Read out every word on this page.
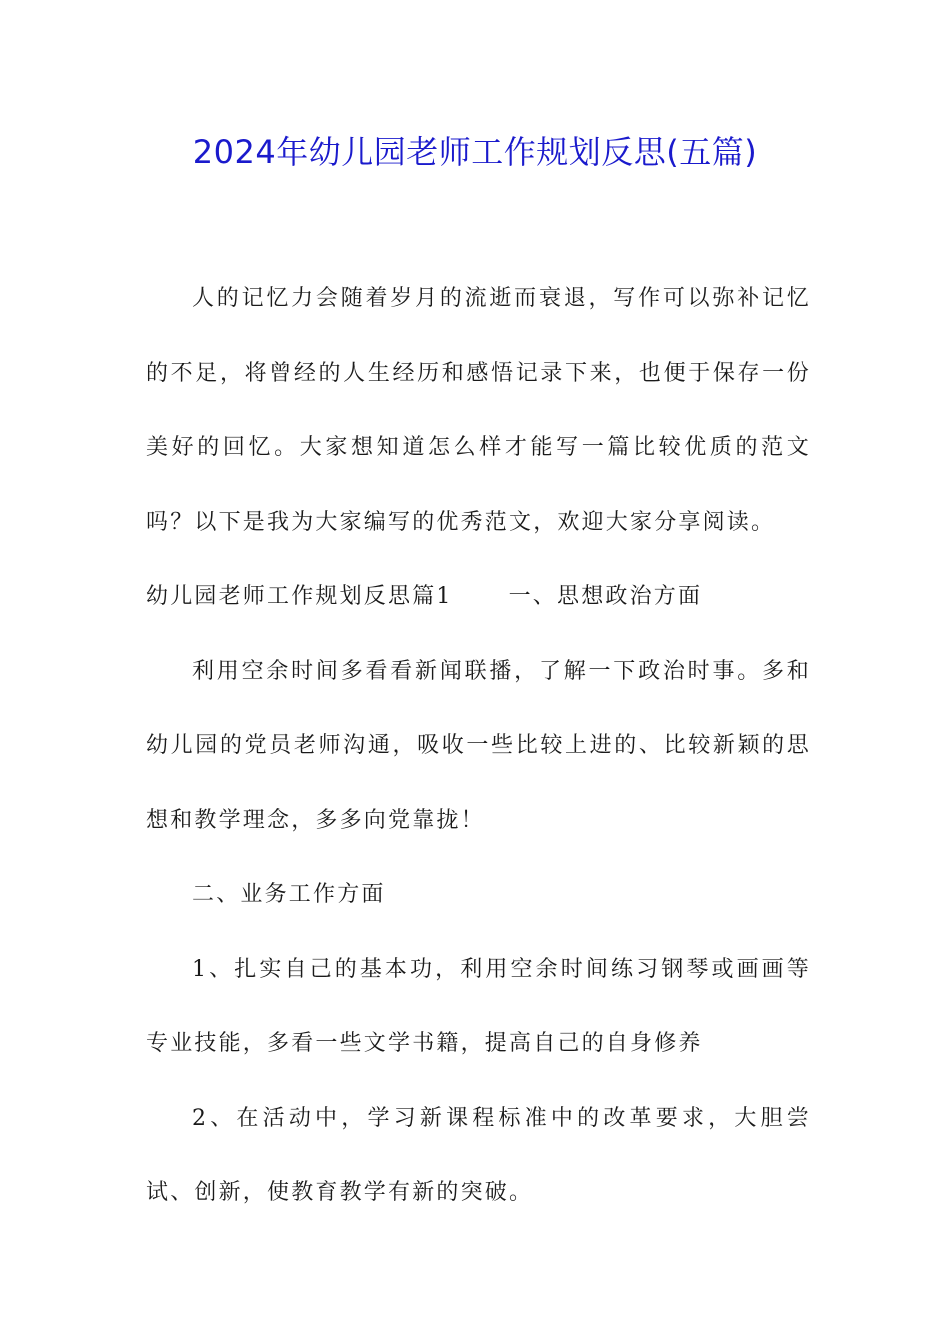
2024年幼儿园老师工作规划反思(五篇)

人的记忆力会随着岁月的流逝而衰退，写作可以弥补记忆的不足，将曾经的人生经历和感悟记录下来，也便于保存一份美好的回忆。大家想知道怎么样才能写一篇比较优质的范文吗？以下是我为大家编写的优秀范文，欢迎大家分享阅读。

幼儿园老师工作规划反思篇1	一、思想政治方面

利用空余时间多看看新闻联播，了解一下政治时事。多和幼儿园的党员老师沟通，吸收一些比较上进的、比较新颖的思想和教学理念，多多向党靠拢！

二、业务工作方面

1、扎实自己的基本功，利用空余时间练习钢琴或画画等专业技能，多看一些文学书籍，提高自己的自身修养

2、在活动中，学习新课程标准中的改革要求，大胆尝试、创新，使教育教学有新的突破。
